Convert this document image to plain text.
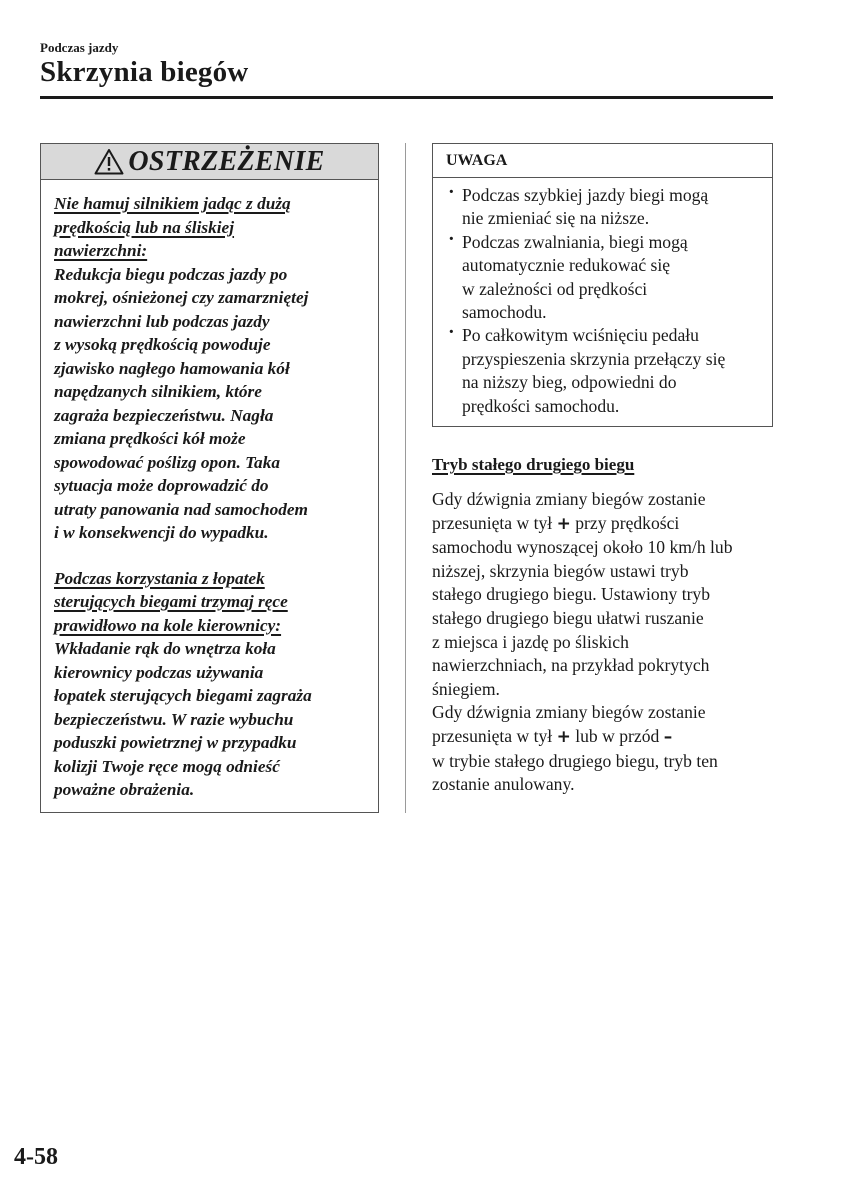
Podczas jazdy
Skrzynia biegów
OSTRZEŻENIE

Nie hamuj silnikiem jadąc z dużą
prędkością lub na śliskiej
nawierzchni:
Redukcja biegu podczas jazdy po
mokrej, ośnieżonej czy zamarzniętej
nawierzchni lub podczas jazdy
z wysoką prędkością powoduje
zjawisko nagłego hamowania kół
napędzanych silnikiem, które
zagraża bezpieczeństwu. Nagła
zmiana prędkości kół może
spowodować poślizg opon. Taka
sytuacja może doprowadzić do
utraty panowania nad samochodem
i w konsekwencji do wypadku.

Podczas korzystania z łopatek
sterujących biegami trzymaj ręce
prawidłowo na kole kierownicy:
Wkładanie rąk do wnętrza koła
kierownicy podczas używania
łopatek sterujących biegami zagraża
bezpieczeństwu. W razie wybuchu
poduszki powietrznej w przypadku
kolizji Twoje ręce mogą odnieść
poważne obrażenia.

UWAGA
· Podczas szybkiej jazdy biegi mogą
nie zmieniać się na niższe.
· Podczas zwalniania, biegi mogą
automatycznie redukować się
w zależności od prędkości
samochodu.
· Po całkowitym wciśnięciu pedału
przyspieszenia skrzynia przełączy się
na niższy bieg, odpowiedni do
prędkości samochodu.
Tryb stałego drugiego biegu

Gdy dźwignia zmiany biegów zostanie
przesunięta w tył + przy prędkości
samochodu wynoszącej około 10 km/h lub
niższej, skrzynia biegów ustawi tryb
stałego drugiego biegu. Ustawiony tryb
stałego drugiego biegu ułatwi ruszanie
z miejsca i jazdę po śliskich
nawierzchniach, na przykład pokrytych
śniegiem.

Gdy dźwignia zmiany biegów zostanie
przesunięta w tył + lub w przód –
w trybie stałego drugiego biegu, tryb ten
zostanie anulowany.

4-58
